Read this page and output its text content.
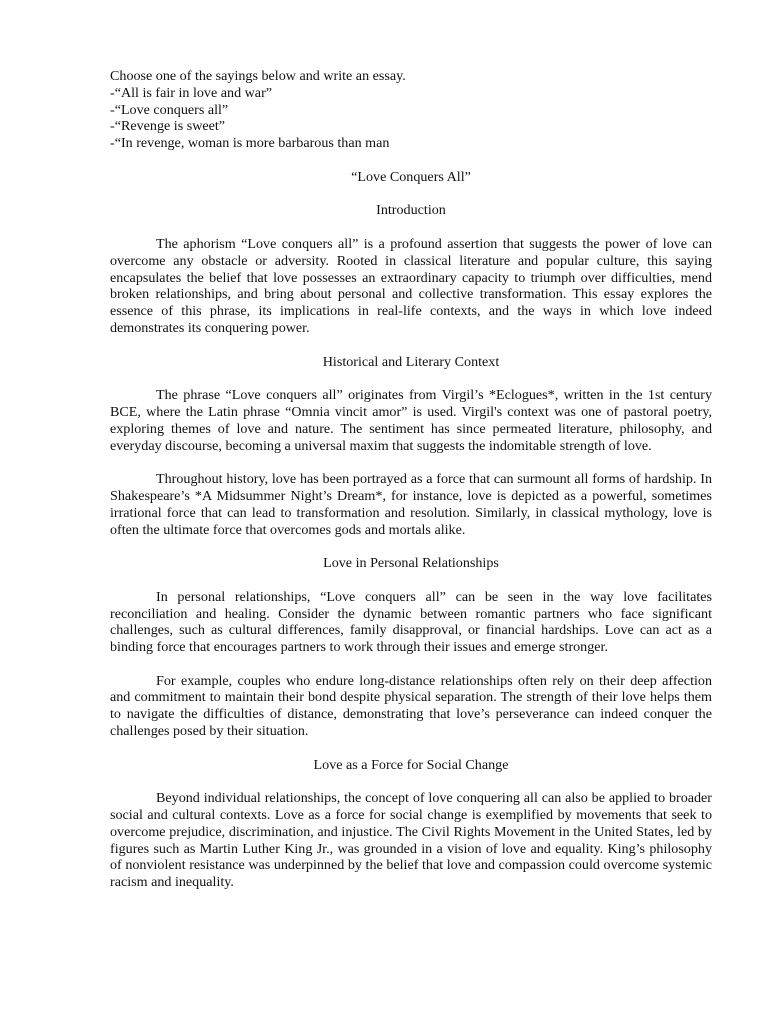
Choose one of the sayings below and write an essay.
-“All is fair in love and war”
-“Love conquers all”
-“Revenge is sweet”
-“In revenge, woman is more barbarous than man
“Love Conquers All”
Introduction

The aphorism “Love conquers all” is a profound assertion that suggests the power of love can overcome any obstacle or adversity. Rooted in classical literature and popular culture, this saying encapsulates the belief that love possesses an extraordinary capacity to triumph over difficulties, mend broken relationships, and bring about personal and collective transformation. This essay explores the essence of this phrase, its implications in real-life contexts, and the ways in which love indeed demonstrates its conquering power.

Historical and Literary Context

The phrase “Love conquers all” originates from Virgil’s *Eclogues*, written in the 1st century BCE, where the Latin phrase “Omnia vincit amor” is used. Virgil's context was one of pastoral poetry, exploring themes of love and nature. The sentiment has since permeated literature, philosophy, and everyday discourse, becoming a universal maxim that suggests the indomitable strength of love.

Throughout history, love has been portrayed as a force that can surmount all forms of hardship. In Shakespeare’s *A Midsummer Night’s Dream*, for instance, love is depicted as a powerful, sometimes irrational force that can lead to transformation and resolution. Similarly, in classical mythology, love is often the ultimate force that overcomes gods and mortals alike.

Love in Personal Relationships

In personal relationships, “Love conquers all” can be seen in the way love facilitates reconciliation and healing. Consider the dynamic between romantic partners who face significant challenges, such as cultural differences, family disapproval, or financial hardships. Love can act as a binding force that encourages partners to work through their issues and emerge stronger.

For example, couples who endure long-distance relationships often rely on their deep affection and commitment to maintain their bond despite physical separation. The strength of their love helps them to navigate the difficulties of distance, demonstrating that love’s perseverance can indeed conquer the challenges posed by their situation.

Love as a Force for Social Change

Beyond individual relationships, the concept of love conquering all can also be applied to broader social and cultural contexts. Love as a force for social change is exemplified by movements that seek to overcome prejudice, discrimination, and injustice. The Civil Rights Movement in the United States, led by figures such as Martin Luther King Jr., was grounded in a vision of love and equality. King’s philosophy of nonviolent resistance was underpinned by the belief that love and compassion could overcome systemic racism and inequality.
